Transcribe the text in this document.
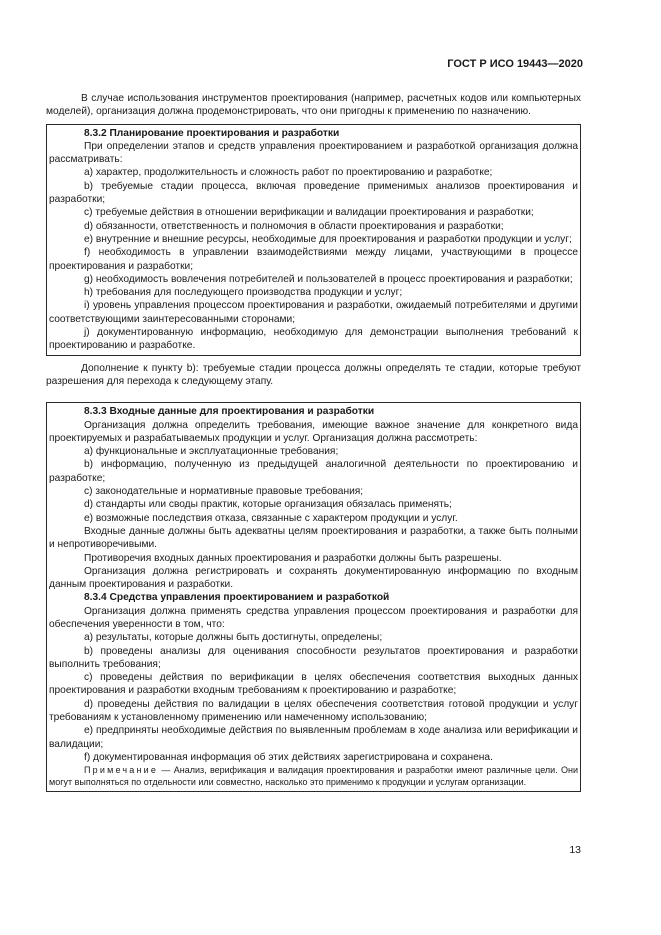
ГОСТ Р ИСО 19443—2020

В случае использования инструментов проектирования (например, расчетных кодов или компьютерных моделей), организация должна продемонстрировать, что они пригодны к применению по назначению.

8.3.2 Планирование проектирования и разработки

При определении этапов и средств управления проектированием и разработкой организация должна рассматривать:

a) характер, продолжительность и сложность работ по проектированию и разработке;

b) требуемые стадии процесса, включая проведение применимых анализов проектирования и разработки;

c) требуемые действия в отношении верификации и валидации проектирования и разработки;

d) обязанности, ответственность и полномочия в области проектирования и разработки;

e) внутренние и внешние ресурсы, необходимые для проектирования и разработки продукции и услуг;

f) необходимость в управлении взаимодействиями между лицами, участвующими в процессе проектирования и разработки;

g) необходимость вовлечения потребителей и пользователей в процесс проектирования и разработки;

h) требования для последующего производства продукции и услуг;

i) уровень управления процессом проектирования и разработки, ожидаемый потребителями и другими соответствующими заинтересованными сторонами;

j) документированную информацию, необходимую для демонстрации выполнения требований к проектированию и разработке.

Дополнение к пункту b): требуемые стадии процесса должны определять те стадии, которые требуют разрешения для перехода к следующему этапу.

8.3.3 Входные данные для проектирования и разработки

Организация должна определить требования, имеющие важное значение для конкретного вида проектируемых и разрабатываемых продукции и услуг. Организация должна рассмотреть:

a) функциональные и эксплуатационные требования;

b) информацию, полученную из предыдущей аналогичной деятельности по проектированию и разработке;

c) законодательные и нормативные правовые требования;

d) стандарты или своды практик, которые организация обязалась применять;

e) возможные последствия отказа, связанные с характером продукции и услуг.

Входные данные должны быть адекватны целям проектирования и разработки, а также быть полными и непротиворечивыми.

Противоречия входных данных проектирования и разработки должны быть разрешены.

Организация должна регистрировать и сохранять документированную информацию по входным данным проектирования и разработки.

8.3.4 Средства управления проектированием и разработкой

Организация должна применять средства управления процессом проектирования и разработки для обеспечения уверенности в том, что:

a) результаты, которые должны быть достигнуты, определены;

b) проведены анализы для оценивания способности результатов проектирования и разработки выполнить требования;

c) проведены действия по верификации в целях обеспечения соответствия выходных данных проектирования и разработки входным требованиям к проектированию и разработке;

d) проведены действия по валидации в целях обеспечения соответствия готовой продукции и услуг требованиям к установленному применению или намеченному использованию;

e) предприняты необходимые действия по выявленным проблемам в ходе анализа или верификации и валидации;

f) документированная информация об этих действиях зарегистрирована и сохранена.

Примечание — Анализ, верификация и валидация проектирования и разработки имеют различные цели. Они могут выполняться по отдельности или совместно, насколько это применимо к продукции и услугам организации.

13
